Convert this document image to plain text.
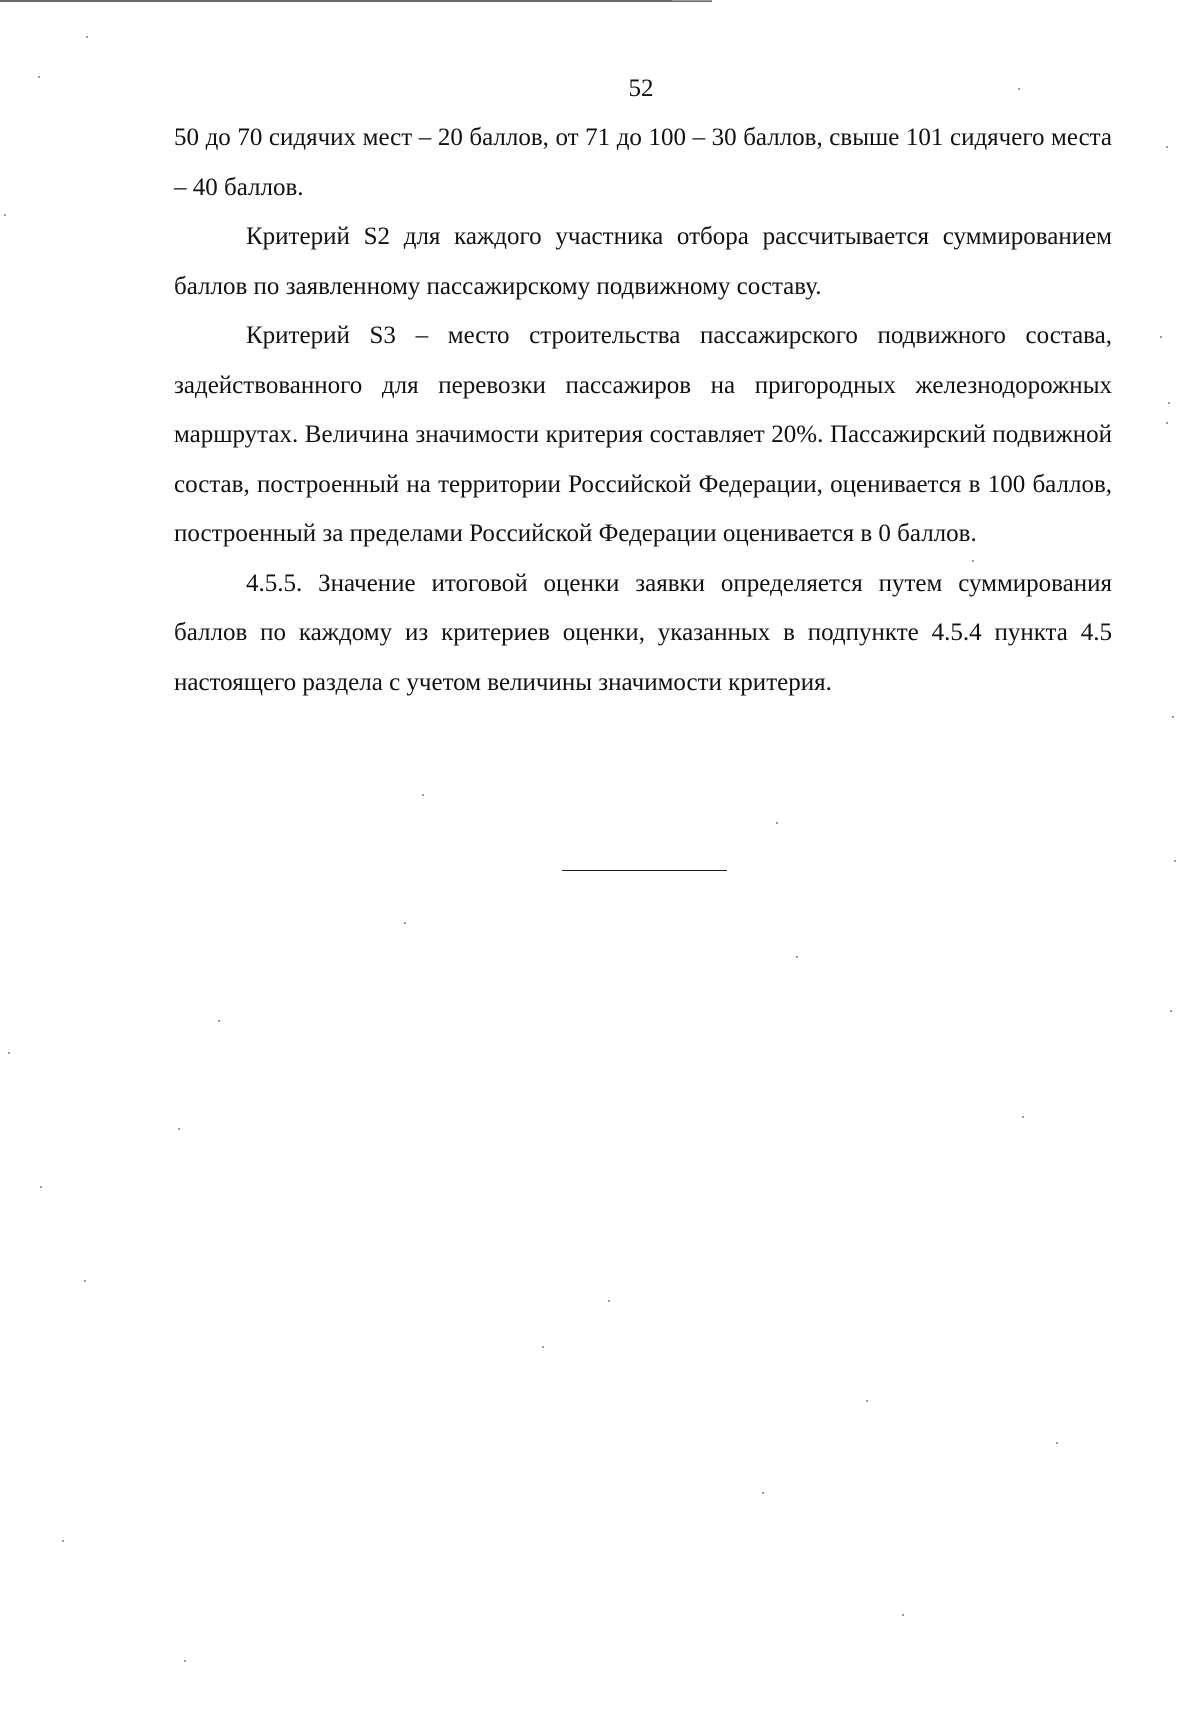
52

50 до 70 сидячих мест – 20 баллов, от 71 до 100 – 30 баллов, свыше 101 сидячего места – 40 баллов.

Критерий S2 для каждого участника отбора рассчитывается суммированием баллов по заявленному пассажирскому подвижному составу.

Критерий S3 – место строительства пассажирского подвижного состава, задействованного для перевозки пассажиров на пригородных железнодорожных маршрутах. Величина значимости критерия составляет 20%. Пассажирский подвижной состав, построенный на территории Российской Федерации, оценивается в 100 баллов, построенный за пределами Российской Федерации оценивается в 0 баллов.

4.5.5. Значение итоговой оценки заявки определяется путем суммирования баллов по каждому из критериев оценки, указанных в подпункте 4.5.4 пункта 4.5 настоящего раздела с учетом величины значимости критерия.
